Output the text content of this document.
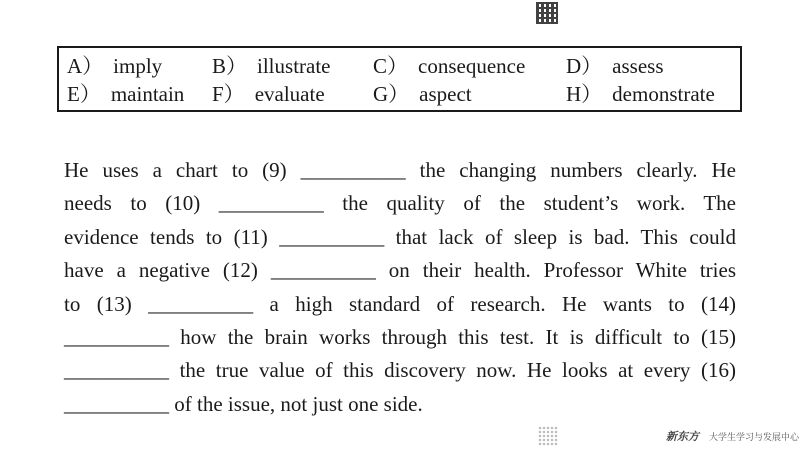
A） imply B） illustrate C） consequence D） assess
E） maintain F） evaluate G） aspect	H） demonstrate
He uses a chart to (9) __________ the changing numbers clearly. He
needs to (10) __________ the quality of the student’s work. The
evidence tends to (11) __________ that lack of sleep is bad. This could
have a negative (12) __________ on their health. Professor White tries
to (13) __________ a high standard of research. He wants to (14)
__________ how the brain works through this test. It is difficult to (15)
__________ the true value of this discovery now. He looks at every (16)
__________ of the issue, not just one side.
新东方 大学生学习与发展中心
